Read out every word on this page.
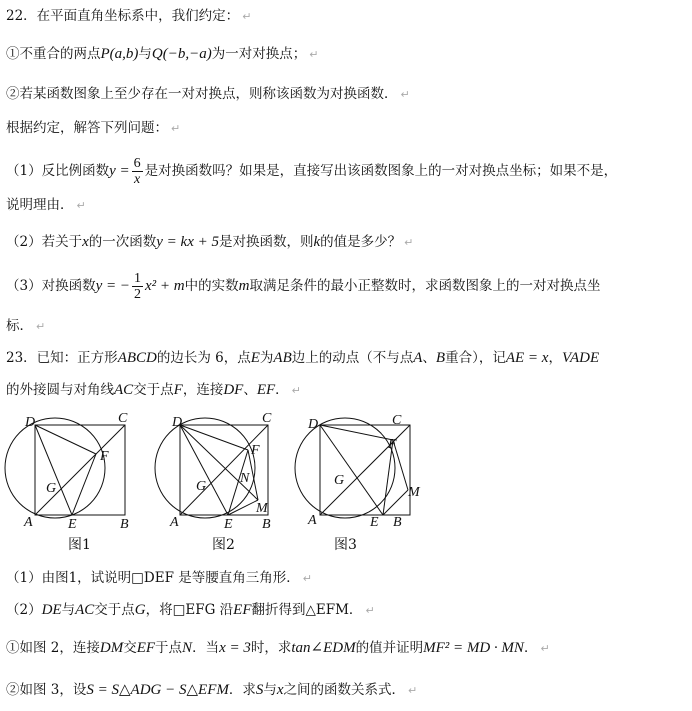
22．在平面直角坐标系中，我们约定： ↵
①不重合的两点P(a,b)与Q(−b,−a)为一对对换点； ↵
②若某函数图象上至少存在一对对换点，则称该函数为对换函数． ↵
根据约定，解答下列问题： ↵
（1）反比例函数$y = \frac{6}{x}$ 是对换函数吗？如果是，直接写出该函数图象上的一对对换点坐标；如果不是，
说明理由． ↵
（2）若关于x的一次函数y = kx + 5是对换函数，则k的值是多少？ ↵
（3）对换函数y = − $\frac{1}{2} x^2 + m$中的实数m取满足条件的最小正整数时，求函数图象上的一对对换点坐
标． ↵
23．已知：正方形ABCD的边长为 6，点E为AB边上的动点（不与点A、B重合），记AE = x，VADE
的外接圆与对角线AC交于点F，连接DF、EF． ↵
D	C
F
G
A	E	B
图1
D	C
F
N
G
M
A	E B
图2
D	C
F
G
M
A	E B
图3
（1）由图1，试说明□DEF 是等腰直角三角形． ↵
（2）DE与AC交于点G，将□EFG 沿EF翻折得到△EFM． ↵
①如图 2，连接DM交EF于点N．当x = 3时，求tan∠EDM的值并证明MF² = MD · MN． ↵
②如图 3，设S = S△ADG − S△EFM．求S与x之间的函数关系式． ↵
